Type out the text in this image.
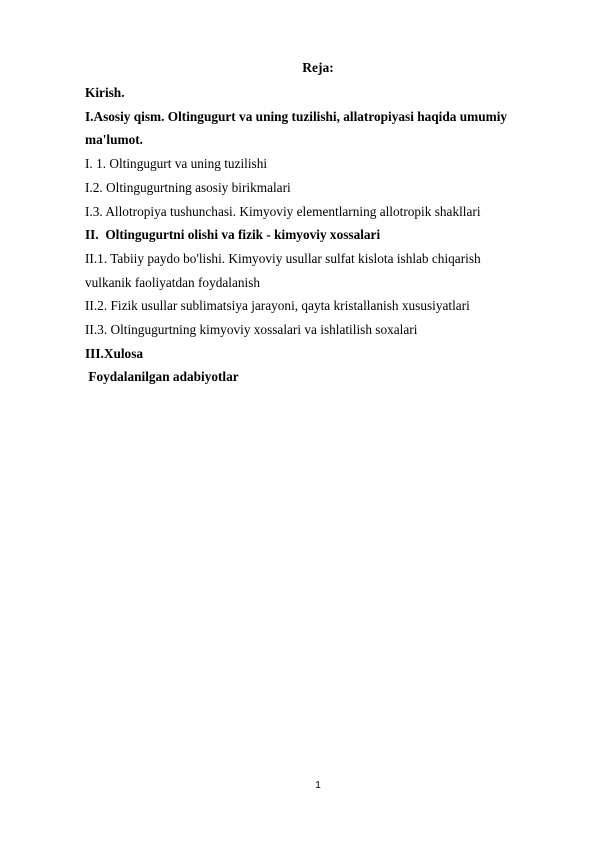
Reja:
Kirish.
I.Asosiy qism. Oltingugurt va uning tuzilishi, allatropiyasi haqida umumiy
ma'lumot.
I. 1. Oltingugurt va uning tuzilishi
I.2. Oltingugurtning asosiy birikmalari
I.3. Allotropiya tushunchasi. Kimyoviy elementlarning allotropik shakllari
II.  Oltingugurtni olishi va fizik - kimyoviy xossalari
II.1. Tabiiy paydo bo'lishi. Kimyoviy usullar sulfat kislota ishlab chiqarish
vulkanik faoliyatdan foydalanish
II.2. Fizik usullar sublimatsiya jarayoni, qayta kristallanish xususiyatlari
II.3. Oltingugurtning kimyoviy xossalari va ishlatilish soxalari
III.Xulosa
Foydalanilgan adabiyotlar
1
